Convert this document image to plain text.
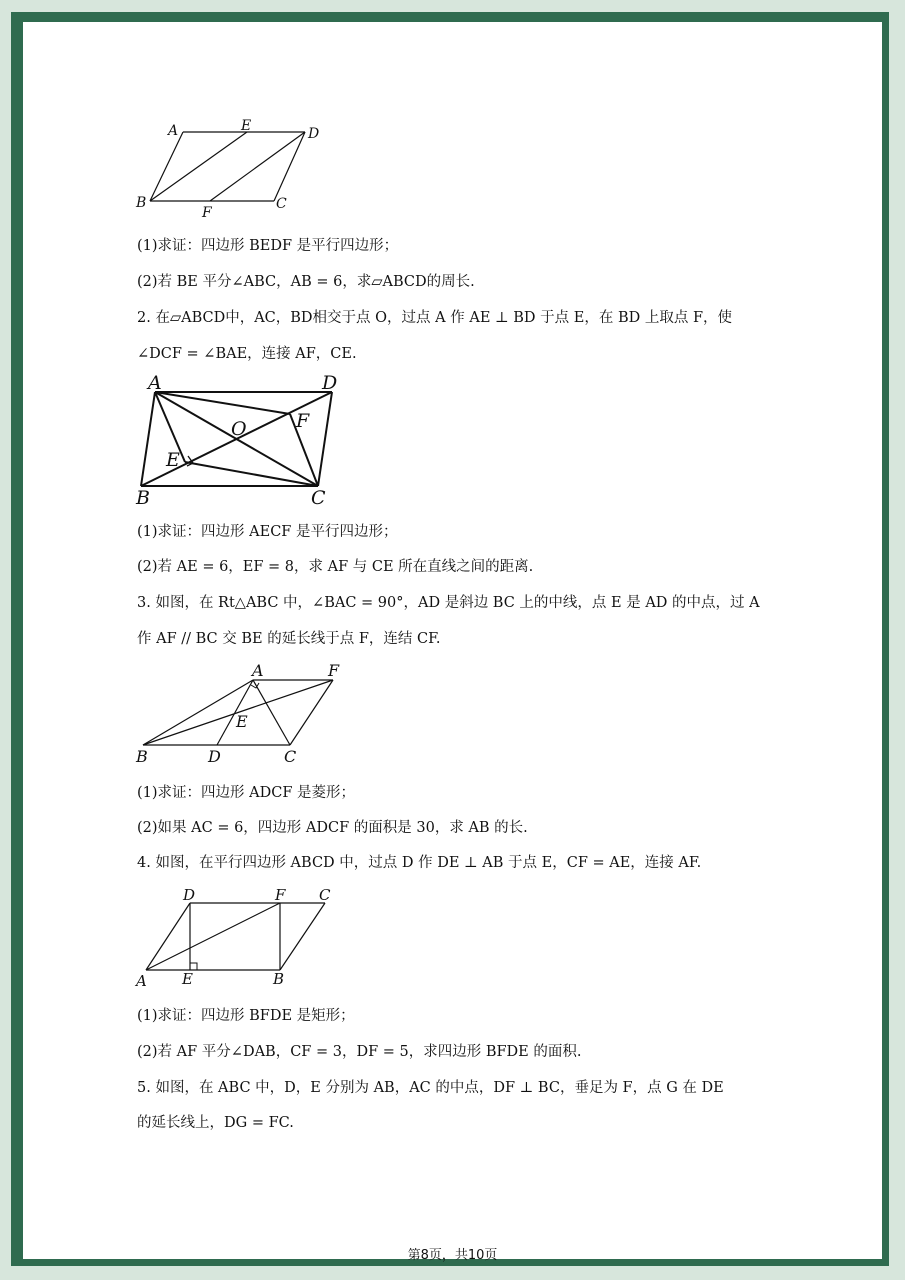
A	E	D
B
F
C
(1)求证：四边形 BEDF 是平行四边形；
(2)若 BE 平分∠ABC，AB = 6，求▱ABCD的周长.
2. 在▱ABCD中，AC，BD相交于点 O，过点 A 作 AE ⊥ BD 于点 E，在 BD 上取点 F，使
∠DCF = ∠BAE，连接 AF，CE.
A	D
O	F
E
B	C
(1)求证：四边形 AECF 是平行四边形；
(2)若 AE = 6，EF = 8，求 AF 与 CE 所在直线之间的距离.
3. 如图，在 Rt△ABC 中，∠BAC = 90°，AD 是斜边 BC 上的中线，点 E 是 AD 的中点，过 A
作 AF // BC 交 BE 的延长线于点 F，连结 CF.
A	F
E
B	D	C
(1)求证：四边形 ADCF 是菱形；
(2)如果 AC = 6，四边形 ADCF 的面积是 30，求 AB 的长.
4. 如图，在平行四边形 ABCD 中，过点 D 作 DE ⊥ AB 于点 E，CF = AE，连接 AF.
D	F C
A E	B
(1)求证：四边形 BFDE 是矩形；
(2)若 AF 平分∠DAB，CF = 3，DF = 5，求四边形 BFDE 的面积.
5. 如图，在 ABC 中，D，E 分别为 AB，AC 的中点，DF ⊥ BC，垂足为 F，点 G 在 DE
的延长线上，DG = FC.
第8页，共10页
